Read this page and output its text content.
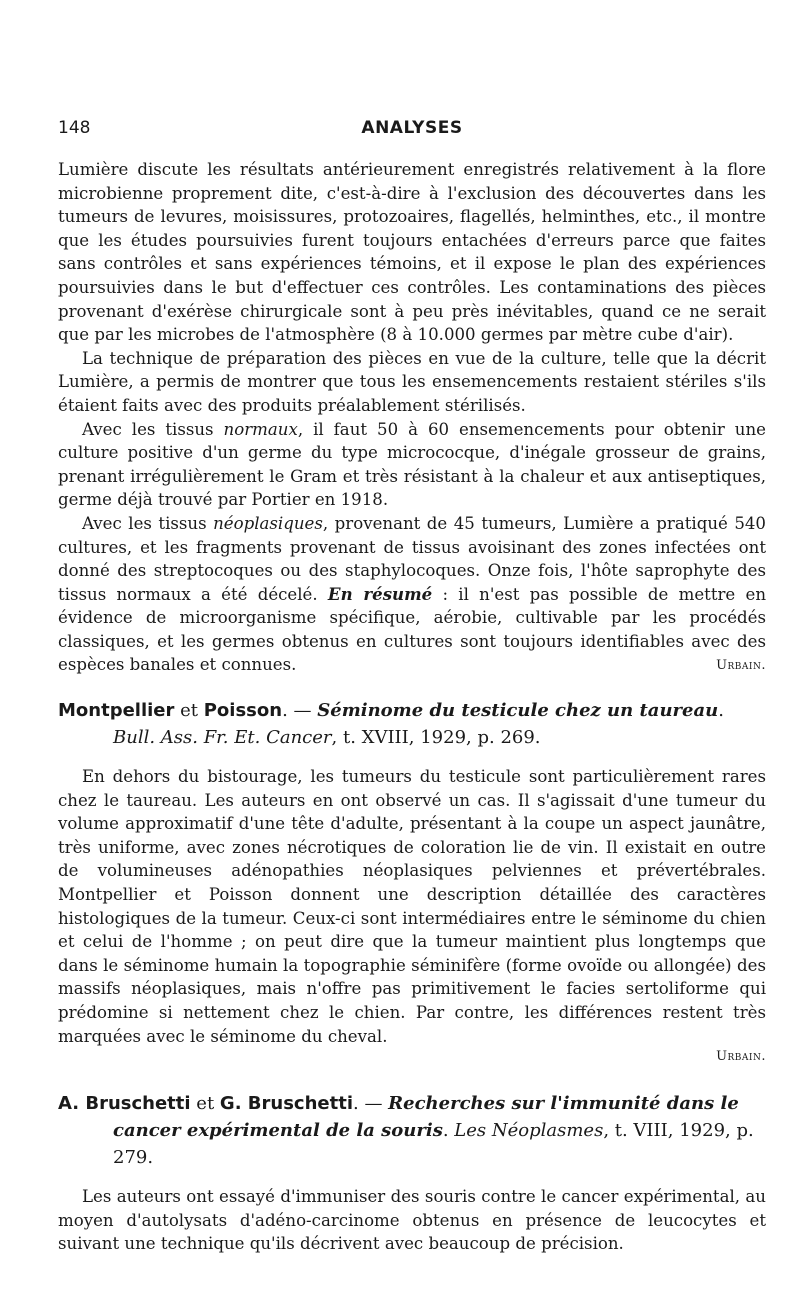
148	ANALYSES

Lumière discute les résultats antérieurement enregistrés relativement à la flore microbienne proprement dite, c'est-à-dire à l'exclusion des découvertes dans les tumeurs de levures, moisissures, protozoaires, flagellés, helminthes, etc., il montre que les études poursuivies furent toujours entachées d'erreurs parce que faites sans contrôles et sans expériences témoins, et il expose le plan des expériences poursuivies dans le but d'effectuer ces contrôles. Les contaminations des pièces provenant d'exérèse chirurgicale sont à peu près inévitables, quand ce ne serait que par les microbes de l'atmosphère (8 à 10.000 germes par mètre cube d'air).

La technique de préparation des pièces en vue de la culture, telle que la décrit Lumière, a permis de montrer que tous les ensemencements restaient stériles s'ils étaient faits avec des produits préalablement stérilisés.

Avec les tissus normaux, il faut 50 à 60 ensemencements pour obtenir une culture positive d'un germe du type micrococque, d'inégale grosseur de grains, prenant irrégulièrement le Gram et très résistant à la chaleur et aux antiseptiques, germe déjà trouvé par Portier en 1918.

Avec les tissus néoplasiques, provenant de 45 tumeurs, Lumière a pratiqué 540 cultures, et les fragments provenant de tissus avoisinant des zones infectées ont donné des streptocoques ou des staphylocoques. Onze fois, l'hôte saprophyte des tissus normaux a été décelé. En résumé : il n'est pas possible de mettre en évidence de microorganisme spécifique, aérobie, cultivable par les procédés classiques, et les germes obtenus en cultures sont toujours identifiables avec des espèces banales et connues.	Urbain.

Montpellier et Poisson. — Séminome du testicule chez un taureau. Bull. Ass. Fr. Et. Cancer, t. XVIII, 1929, p. 269.

En dehors du bistourage, les tumeurs du testicule sont particulièrement rares chez le taureau. Les auteurs en ont observé un cas. Il s'agissait d'une tumeur du volume approximatif d'une tête d'adulte, présentant à la coupe un aspect jaunâtre, très uniforme, avec zones nécrotiques de coloration lie de vin. Il existait en outre de volumineuses adénopathies néoplasiques pelviennes et prévertébrales. Montpellier et Poisson donnent une description détaillée des caractères histologiques de la tumeur. Ceux-ci sont intermédiaires entre le séminome du chien et celui de l'homme ; on peut dire que la tumeur maintient plus longtemps que dans le séminome humain la topographie séminifère (forme ovoïde ou allongée) des massifs néoplasiques, mais n'offre pas primitivement le facies sertoliforme qui prédomine si nettement chez le chien. Par contre, les différences restent très marquées avec le séminome du cheval.

Urbain.

A. Bruschetti et G. Bruschetti. — Recherches sur l'immunité dans le cancer expérimental de la souris. Les Néoplasmes, t. VIII, 1929, p. 279.

Les auteurs ont essayé d'immuniser des souris contre le cancer expérimental, au moyen d'autolysats d'adéno-carcinome obtenus en présence de leucocytes et suivant une technique qu'ils décrivent avec beaucoup de précision.
